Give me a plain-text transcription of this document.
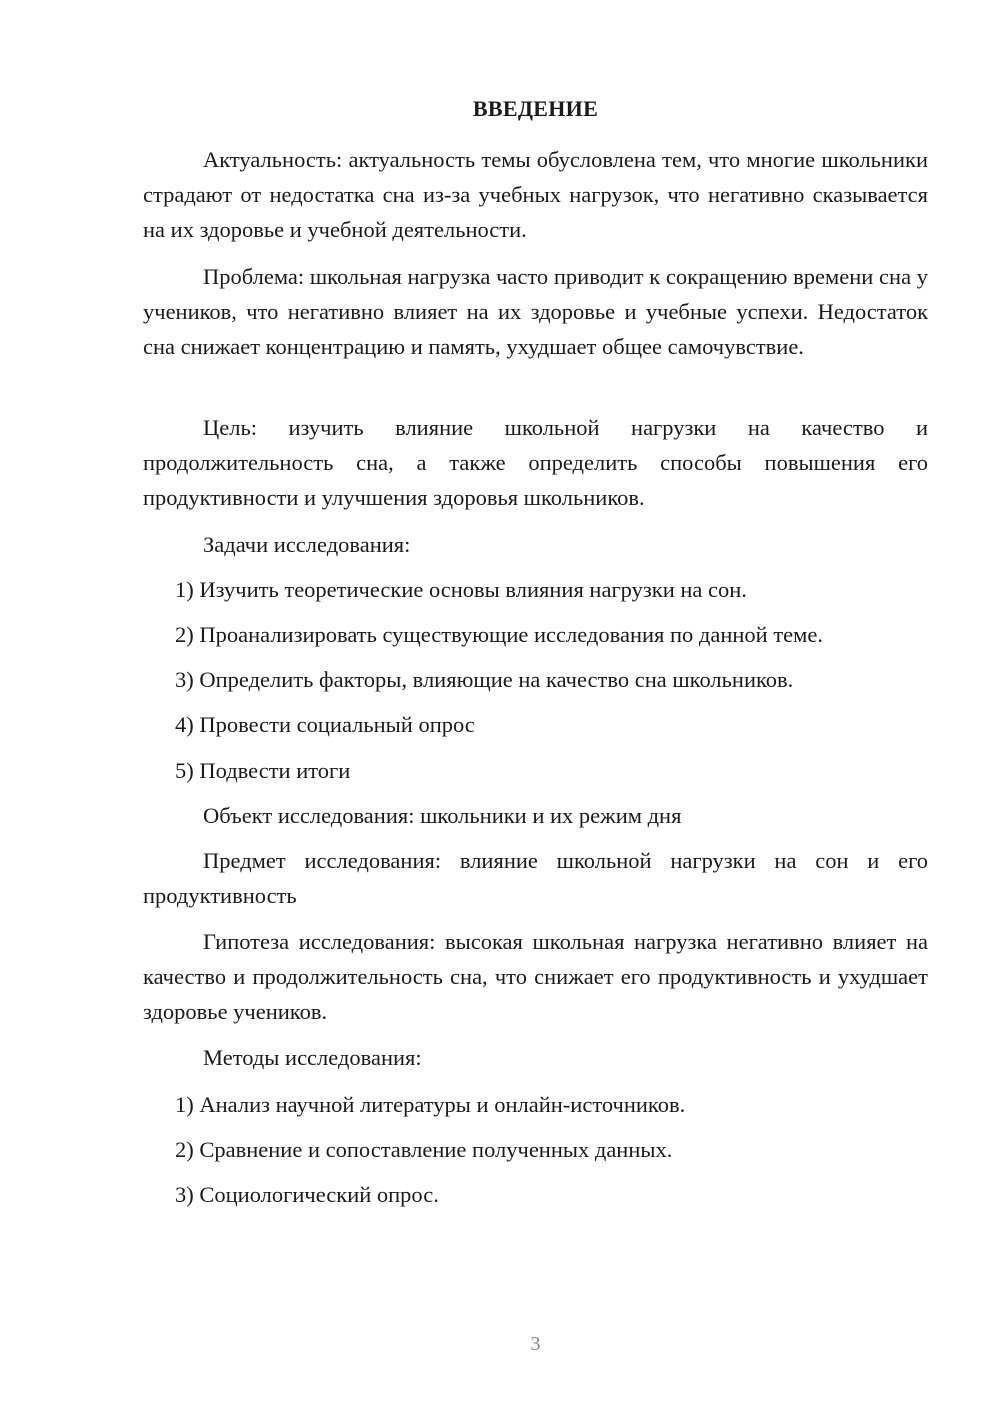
ВВЕДЕНИЕ

Актуальность: актуальность темы обусловлена тем, что многие школьники страдают от недостатка сна из-за учебных нагрузок, что негативно сказывается на их здоровье и учебной деятельности.

Проблема: школьная нагрузка часто приводит к сокращению времени сна у учеников, что негативно влияет на их здоровье и учебные успехи. Недостаток сна снижает концентрацию и память, ухудшает общее самочувствие.

Цель: изучить влияние школьной нагрузки на качество и продолжительность сна, а также определить способы повышения его продуктивности и улучшения здоровья школьников.

Задачи исследования:
1) Изучить теоретические основы влияния нагрузки на сон.
2) Проанализировать существующие исследования по данной теме.
3) Определить факторы, влияющие на качество сна школьников.
4) Провести социальный опрос
5) Подвести итоги
Объект исследования: школьники и их режим дня

Предмет исследования: влияние школьной нагрузки на сон и его продуктивность

Гипотеза исследования: высокая школьная нагрузка негативно влияет на качество и продолжительность сна, что снижает его продуктивность и ухудшает здоровье учеников.

Методы исследования:
1) Анализ научной литературы и онлайн-источников.
2) Сравнение и сопоставление полученных данных.
3) Социологический опрос.
3
